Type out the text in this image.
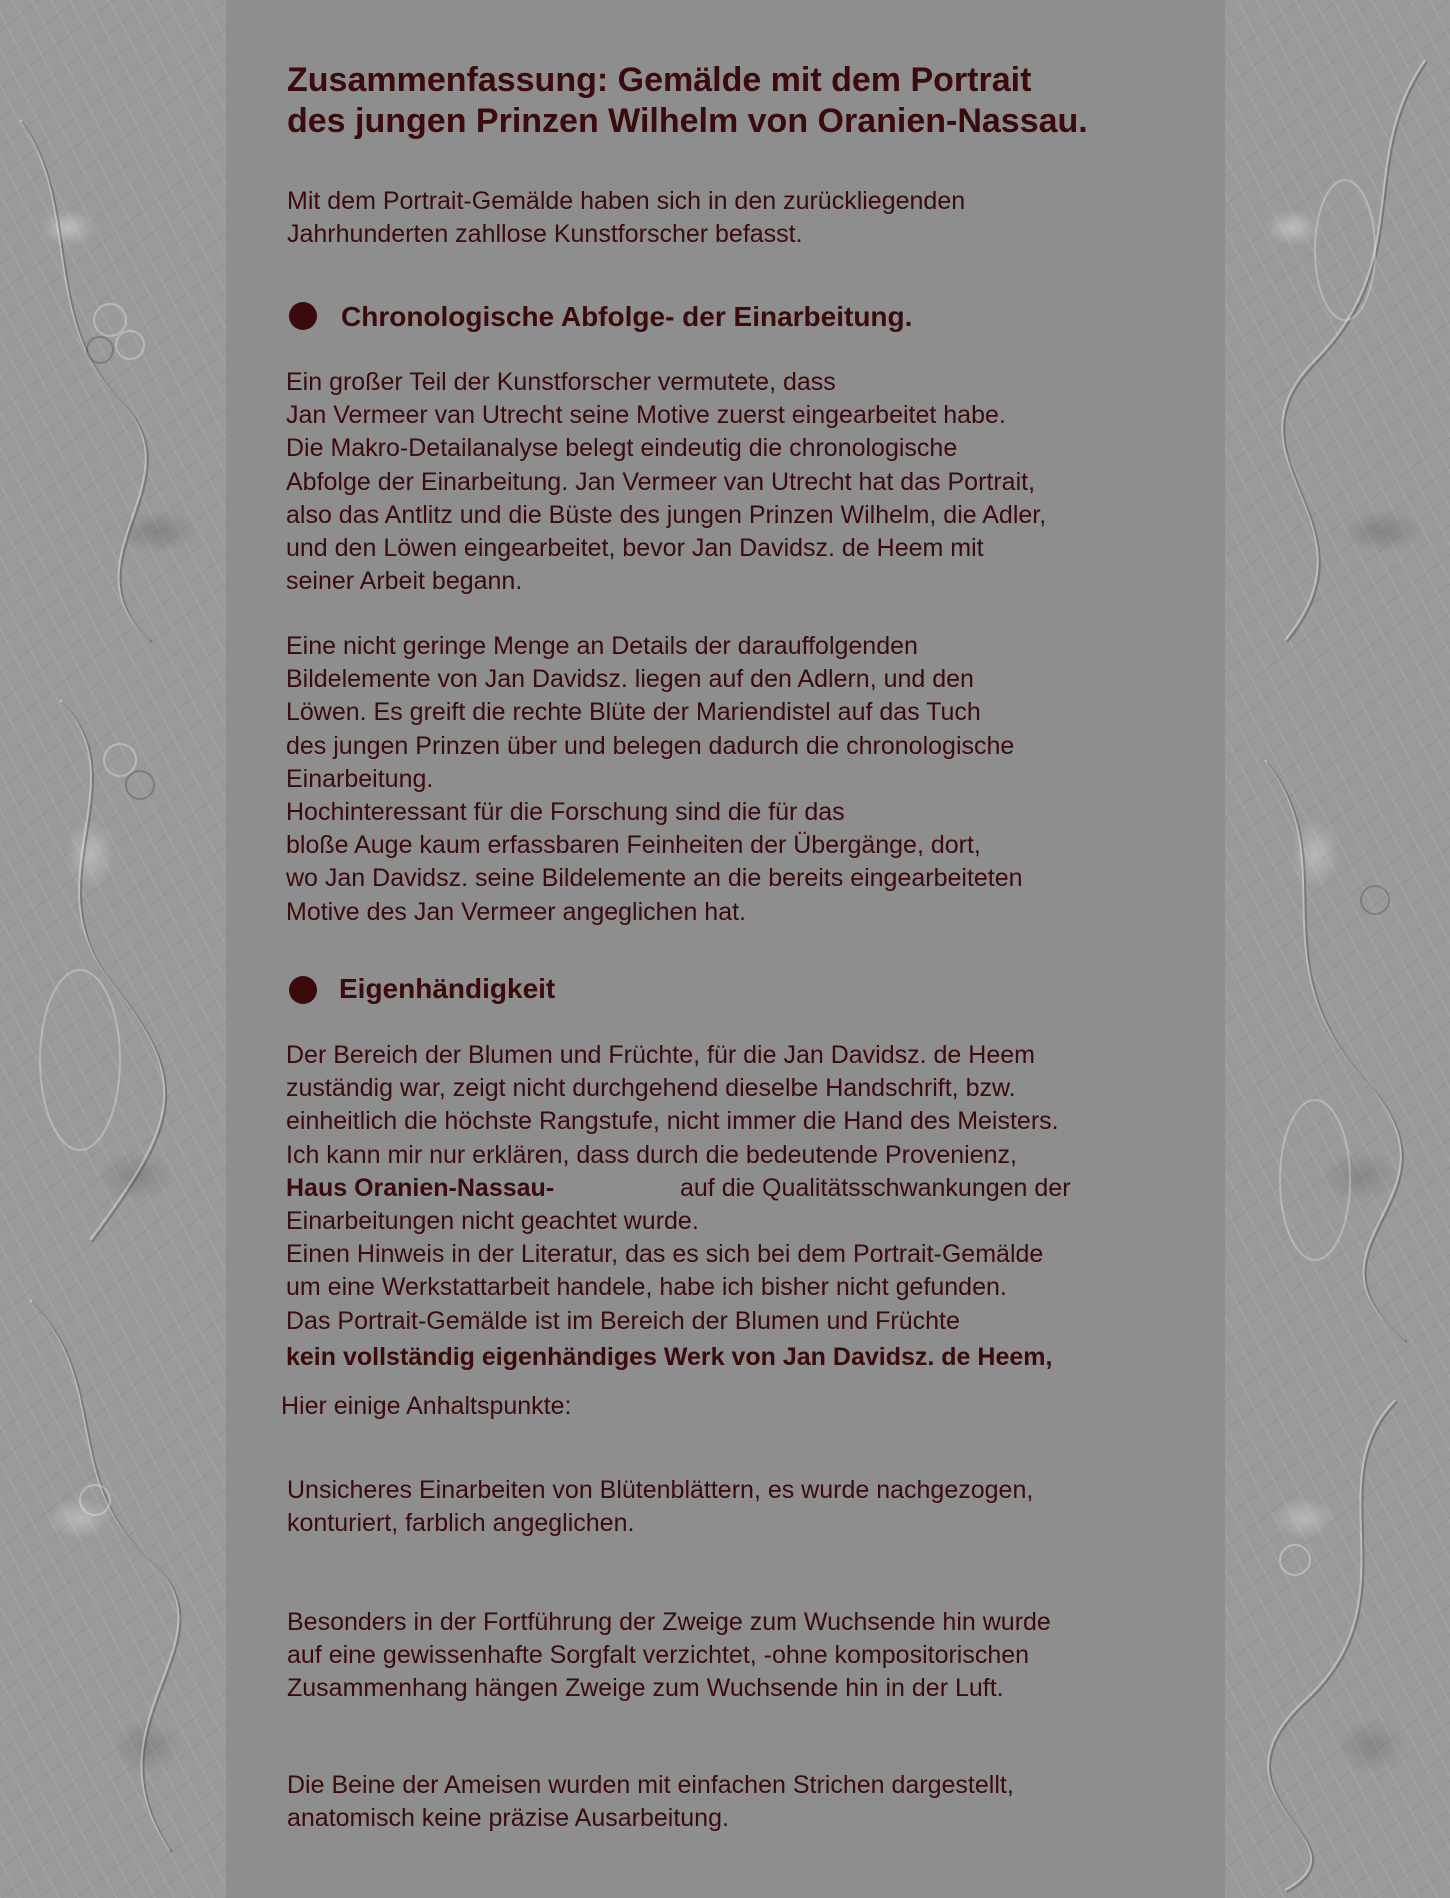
Zusammenfassung: Gemälde mit dem Portrait
des jungen Prinzen Wilhelm von Oranien-Nassau.

Mit dem Portrait-Gemälde haben sich in den zurückliegenden
Jahrhunderten zahllose Kunstforscher befasst.

Chronologische Abfolge- der Einarbeitung.

Ein großer Teil der Kunstforscher vermutete, dass
Jan Vermeer van Utrecht seine Motive zuerst eingearbeitet habe.
Die Makro-Detailanalyse belegt eindeutig die chronologische
Abfolge der Einarbeitung. Jan Vermeer van Utrecht hat das Portrait,
also das Antlitz und die Büste des jungen Prinzen Wilhelm, die Adler,
und den Löwen eingearbeitet, bevor Jan Davidsz. de Heem mit
seiner Arbeit begann.

Eine nicht geringe Menge an Details der darauffolgenden
Bildelemente von Jan Davidsz. liegen auf den Adlern, und den
Löwen. Es greift die rechte Blüte der Mariendistel auf das Tuch
des jungen Prinzen über und belegen dadurch die chronologische
Einarbeitung.
Hochinteressant für die Forschung sind die für das
bloße Auge kaum erfassbaren Feinheiten der Übergänge, dort,
wo Jan Davidsz. seine Bildelemente an die bereits eingearbeiteten
Motive des Jan Vermeer angeglichen hat.

Eigenhändigkeit

Der Bereich der Blumen und Früchte, für die Jan Davidsz. de Heem
zuständig war, zeigt nicht durchgehend dieselbe Handschrift, bzw.
einheitlich die höchste Rangstufe, nicht immer die Hand des Meisters.
Ich kann mir nur erklären, dass durch die bedeutende Provenienz,

Haus Oranien-Nassau-	auf die Qualitätsschwankungen der

Einarbeitungen nicht geachtet wurde.
Einen Hinweis in der Literatur, das es sich bei dem Portrait-Gemälde
um eine Werkstattarbeit handele, habe ich bisher nicht gefunden.
Das Portrait-Gemälde ist im Bereich der Blumen und Früchte

kein vollständig eigenhändiges Werk von Jan Davidsz. de Heem,

Hier einige Anhaltspunkte:

Unsicheres Einarbeiten von Blütenblättern, es wurde nachgezogen,
konturiert, farblich angeglichen.

Besonders in der Fortführung der Zweige zum Wuchsende hin wurde
auf eine gewissenhafte Sorgfalt verzichtet, -ohne kompositorischen
Zusammenhang hängen Zweige zum Wuchsende hin in der Luft.

Die Beine der Ameisen wurden mit einfachen Strichen dargestellt,
anatomisch keine präzise Ausarbeitung.
